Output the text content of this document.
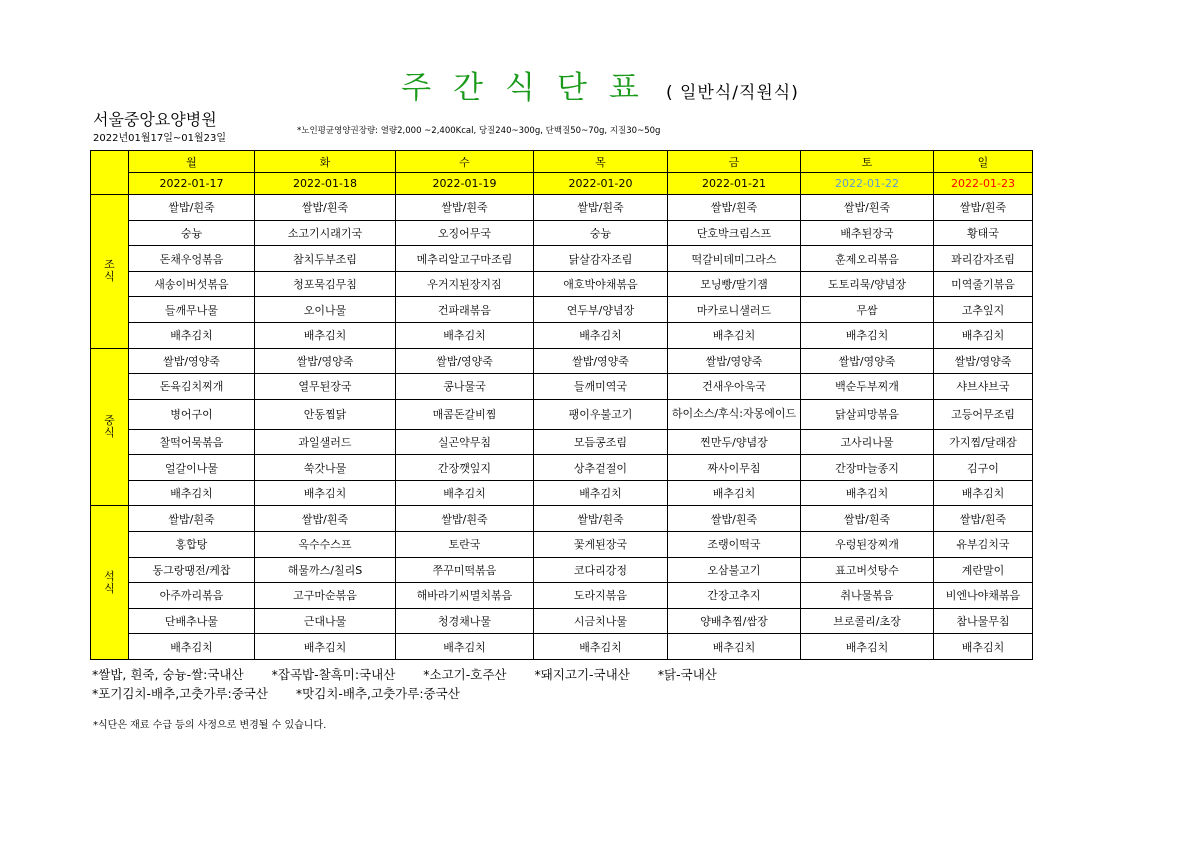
주간식단표 ( 일반식/직원식)
서울중앙요양병원
2022년01월17일~01월23일
*노인평균영양권장량: 열량2,000 ~2,400Kcal, 당질240~300g, 단백질50~70g, 지질30~50g
	월	화	수	목	금	토	일
	2022-01-17	2022-01-18	2022-01-19	2022-01-20	2022-01-21	2022-01-22	2022-01-23
조
식	쌀밥/흰죽	쌀밥/흰죽	쌀밥/흰죽	쌀밥/흰죽	쌀밥/흰죽	쌀밥/흰죽	쌀밥/흰죽
	숭늉	소고기시래기국	오징어무국	숭늉	단호박크림스프	배추된장국	황태국
	돈채우엉볶음	참치두부조림	메추리알고구마조림	닭살감자조림	떡갈비데미그라스	훈제오리볶음	꽈리감자조림
	새송이버섯볶음	청포묵김무침	우거지된장지짐	애호박야채볶음	모닝빵/딸기잼	도토리묵/양념장	미역줄기볶음
	들깨무나물	오이나물	건파래볶음	연두부/양념장	마카로니샐러드	무쌈	고추잎지
	배추김치	배추김치	배추김치	배추김치	배추김치	배추김치	배추김치
중
식	쌀밥/영양죽	쌀밥/영양죽	쌀밥/영양죽	쌀밥/영양죽	쌀밥/영양죽	쌀밥/영양죽	쌀밥/영양죽
	돈육김치찌개	열무된장국	콩나물국	들깨미역국	건새우아욱국	백순두부찌개	샤브샤브국
	병어구이	안동찜닭	매콤돈갈비찜	팽이우불고기	하이소스/후식:자몽에이드	닭살피망볶음	고등어무조림
	찰떡어묵볶음	과일샐러드	실곤약무침	모듬콩조림	찐만두/양념장	고사리나물	가지찜/달래잠
	얼갈이나물	쑥갓나물	간장깻잎지	상추겉절이	짜사이무침	간장마늘종지	김구이
	배추김치	배추김치	배추김치	배추김치	배추김치	배추김치	배추김치
석
식	쌀밥/흰죽	쌀밥/흰죽	쌀밥/흰죽	쌀밥/흰죽	쌀밥/흰죽	쌀밥/흰죽	쌀밥/흰죽
	홍합탕	옥수수스프	토란국	꽃게된장국	조랭이떡국	우렁된장찌개	유부김치국
	동그랑땡전/케찹	해물까스/칠리S	쭈꾸미떡볶음	코다리강정	오삼불고기	표고버섯탕수	계란말이
	아주까리볶음	고구마순볶음	해바라기씨멸치볶음	도라지볶음	간장고추지	취나물볶음	비엔나야채볶음
	단배추나물	근대나물	청경채나물	시금치나물	양배추찜/쌈장	브로콜리/초장	참나물무침
	배추김치	배추김치	배추김치	배추김치	배추김치	배추김치	배추김치
*쌀밥, 흰죽, 숭늉-쌀:국내산 *잡곡밥-찰흑미:국내산 *소고기-호주산 *돼지고기-국내산 *닭-국내산
*포기김치-배추,고춧가루:중국산 *맛김치-배추,고춧가루:중국산
*식단은 재료 수급 등의 사정으로 변경될 수 있습니다.
